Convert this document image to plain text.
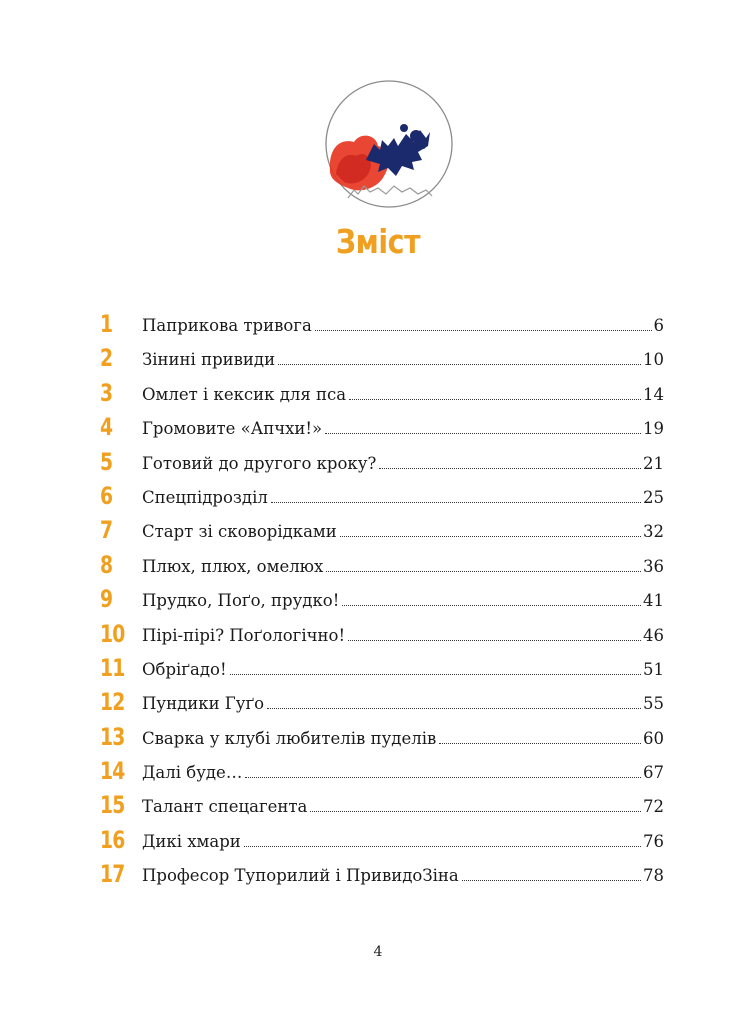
Зміст
1	Паприкова тривога	6
2	Зінині привиди	10
3	Омлет і кексик для пса	14
4	Громовите «Апчхи!»	19
5	Готовий до другого кроку?	21
6	Спецпідрозділ	25
7	Старт зі сковорідками	32
8	Плюх, плюх, омелюх	36
9	Прудко, Поґо, прудко!	41
10	Пірі-пірі? Поґологічно!	46
11	Обріґадо!	51
12	Пундики Гуґо	55
13	Сварка у клубі любителів пуделів	60
14	Далі буде…	67
15	Талант спецагента	72
16	Дикі хмари	76
17	Професор Тупорилий і ПривидоЗіна	78
4
